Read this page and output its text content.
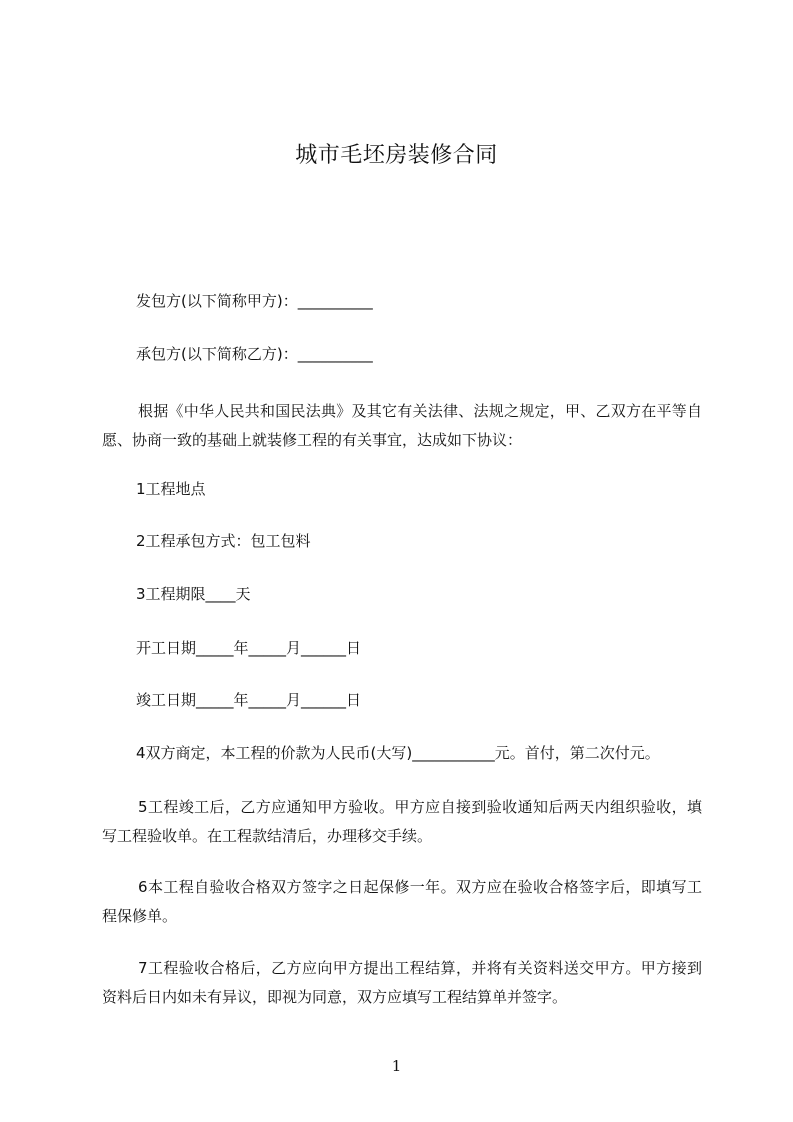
城市毛坯房装修合同
发包方(以下简称甲方)：__________
承包方(以下简称乙方)：__________
根据《中华人民共和国民法典》及其它有关法律、法规之规定，甲、乙双方在平等自愿、协商一致的基础上就装修工程的有关事宜，达成如下协议：
1工程地点
2工程承包方式：包工包料
3工程期限____天
开工日期_____年_____月______日
竣工日期_____年_____月______日
4双方商定，本工程的价款为人民币(大写)___________元。首付，第二次付元。
5工程竣工后，乙方应通知甲方验收。甲方应自接到验收通知后两天内组织验收，填写工程验收单。在工程款结清后，办理移交手续。
6本工程自验收合格双方签字之日起保修一年。双方应在验收合格签字后，即填写工程保修单。
7工程验收合格后，乙方应向甲方提出工程结算，并将有关资料送交甲方。甲方接到资料后日内如未有异议，即视为同意，双方应填写工程结算单并签字。
1
